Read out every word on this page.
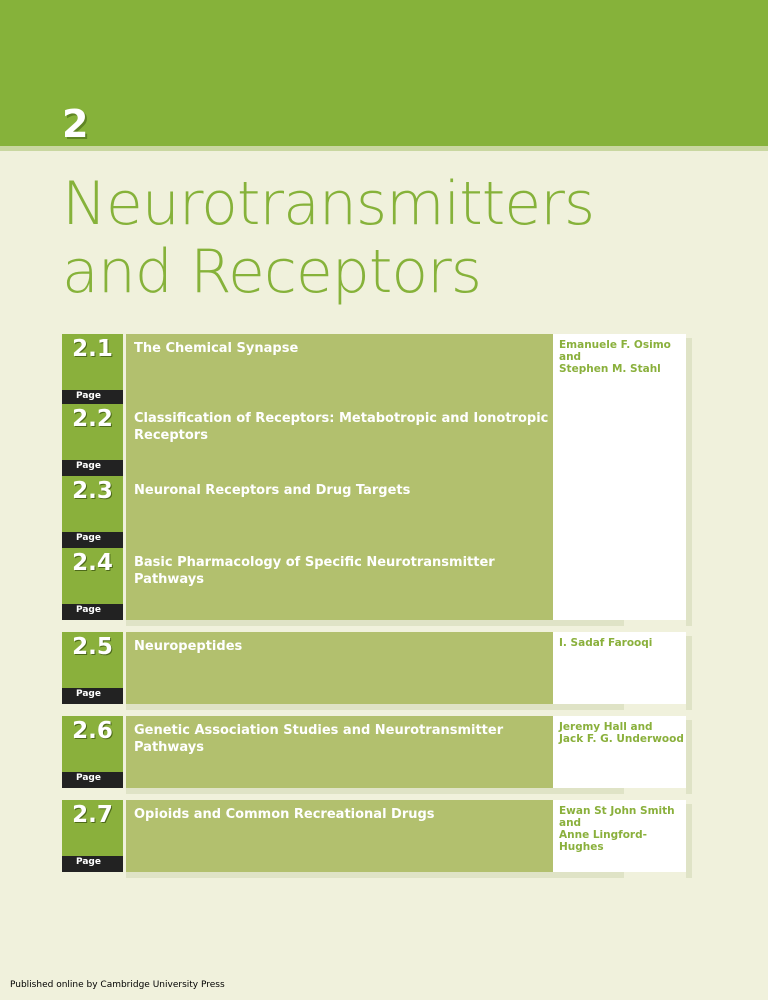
2
Neurotransmitters
and Receptors
2.1
Page
The Chemical Synapse
2.2
Page
Classification of Receptors: Metabotropic and Ionotropic Receptors
2.3
Page
Neuronal Receptors and Drug Targets
2.4
Page
Basic Pharmacology of Specific Neurotransmitter Pathways
Emanuele F. Osimo and
Stephen M. Stahl
2.5
Page
Neuropeptides	I. Sadaf Farooqi
2.6
Page
Genetic Association Studies and Neurotransmitter Pathways
Jeremy Hall and
Jack F. G. Underwood
2.7
Page
Opioids and Common Recreational Drugs	Ewan St John Smith and
Anne Lingford-Hughes
Published online by Cambridge University Press
